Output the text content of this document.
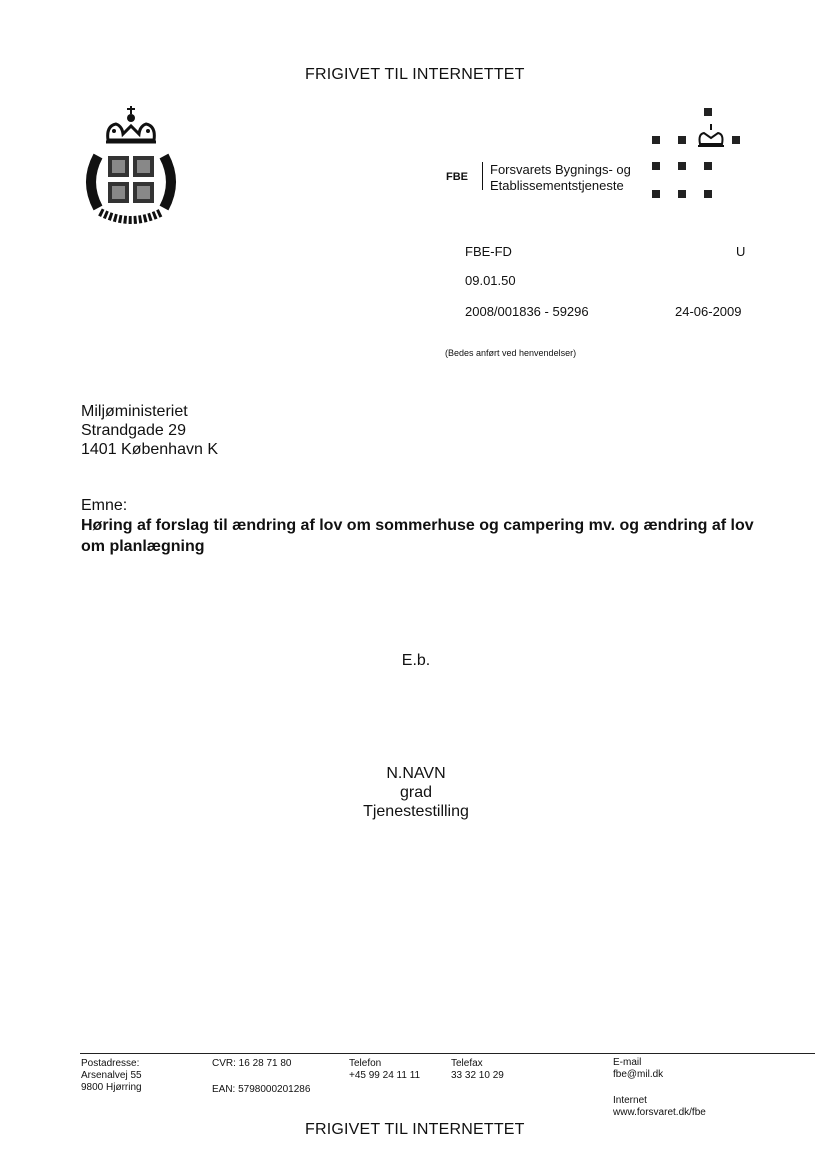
FRIGIVET TIL INTERNETTET
FBE Forsvarets Bygnings- og
Etablissementstjeneste
FBE-FD	U
09.01.50
2008/001836 - 59296	24-06-2009
(Bedes anført ved henvendelser)
Miljøministeriet
Strandgade 29
1401 København K
Emne:
Høring af forslag til ændring af lov om sommerhuse og campering mv. og ændring af lov om planlægning
E.b.
N.NAVN
grad
Tjenestestilling
Postadresse:
Arsenalvej 55
9800 Hjørring
CVR: 16 28 71 80
EAN: 5798000201286
Telefon
+45 99 24 11 11
Telefax
33 32 10 29
E-mail
fbe@mil.dk
Internet
www.forsvaret.dk/fbe
FRIGIVET TIL INTERNETTET
